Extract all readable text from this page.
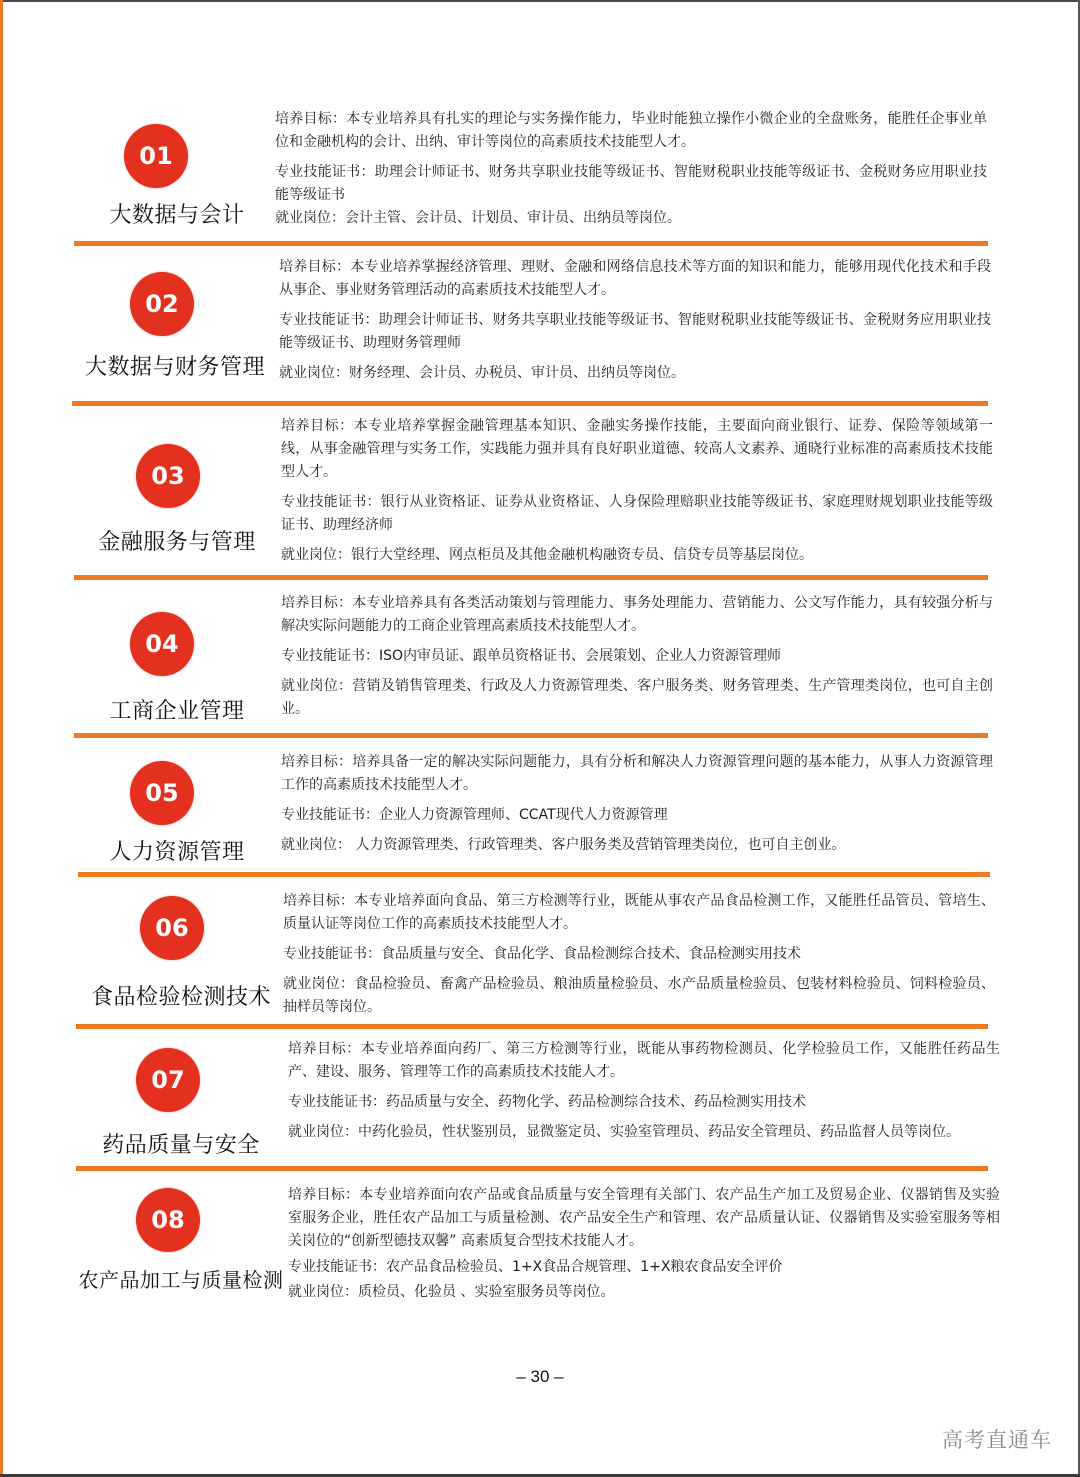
01
大数据与会计

培养目标：本专业培养具有扎实的理论与实务操作能力，毕业时能独立操作小微企业的全盘账务，能胜任企事业单位和金融机构的会计、出纳、审计等岗位的高素质技术技能型人才。

专业技能证书：助理会计师证书、财务共享职业技能等级证书、智能财税职业技能等级证书、金税财务应用职业技能等级证书

就业岗位：会计主管、会计员、计划员、审计员、出纳员等岗位。

02
大数据与财务管理

培养目标：本专业培养掌握经济管理、理财、金融和网络信息技术等方面的知识和能力，能够用现代化技术和手段从事企、事业财务管理活动的高素质技术技能型人才。

专业技能证书：助理会计师证书、财务共享职业技能等级证书、智能财税职业技能等级证书、金税财务应用职业技能等级证书、助理财务管理师

就业岗位：财务经理、会计员、办税员、审计员、出纳员等岗位。

03
金融服务与管理

培养目标：本专业培养掌握金融管理基本知识、金融实务操作技能，主要面向商业银行、证券、保险等领域第一线，从事金融管理与实务工作，实践能力强并具有良好职业道德、较高人文素养、通晓行业标准的高素质技术技能型人才。

专业技能证书：银行从业资格证、证券从业资格证、人身保险理赔职业技能等级证书、家庭理财规划职业技能等级证书、助理经济师

就业岗位：银行大堂经理、网点柜员及其他金融机构融资专员、信贷专员等基层岗位。

04
工商企业管理

培养目标：本专业培养具有各类活动策划与管理能力、事务处理能力、营销能力、公文写作能力，具有较强分析与解决实际问题能力的工商企业管理高素质技术技能型人才。

专业技能证书：ISO内审员证、跟单员资格证书、会展策划、企业人力资源管理师

就业岗位：营销及销售管理类、行政及人力资源管理类、客户服务类、财务管理类、生产管理类岗位，也可自主创业。

05
人力资源管理

培养目标：培养具备一定的解决实际问题能力，具有分析和解决人力资源管理问题的基本能力，从事人力资源管理工作的高素质技术技能型人才。

专业技能证书：企业人力资源管理师、CCAT现代人力资源管理

就业岗位： 人力资源管理类、行政管理类、客户服务类及营销管理类岗位，也可自主创业。

06
食品检验检测技术

培养目标：本专业培养面向食品、第三方检测等行业，既能从事农产品食品检测工作，又能胜任品管员、管培生、质量认证等岗位工作的高素质技术技能型人才。

专业技能证书：食品质量与安全、食品化学、食品检测综合技术、食品检测实用技术

就业岗位：食品检验员、畜禽产品检验员、粮油质量检验员、水产品质量检验员、包装材料检验员、饲料检验员、抽样员等岗位。

07
药品质量与安全

培养目标：本专业培养面向药厂、第三方检测等行业，既能从事药物检测员、化学检验员工作，又能胜任药品生产、建设、服务、管理等工作的高素质技术技能人才。

专业技能证书：药品质量与安全、药物化学、药品检测综合技术、药品检测实用技术

就业岗位：中药化验员，性状鉴别员，显微鉴定员、实验室管理员、药品安全管理员、药品监督人员等岗位。

08
农产品加工与质量检测

培养目标：本专业培养面向农产品或食品质量与安全管理有关部门、农产品生产加工及贸易企业、仪器销售及实验室服务企业，胜任农产品加工与质量检测、农产品安全生产和管理、农产品质量认证、仪器销售及实验室服务等相关岗位的“创新型德技双馨” 高素质复合型技术技能人才。

专业技能证书：农产品食品检验员、1+X食品合规管理、1+X粮农食品安全评价

就业岗位：质检员、化验员 、实验室服务员等岗位。

– 30 –
高考直通车
